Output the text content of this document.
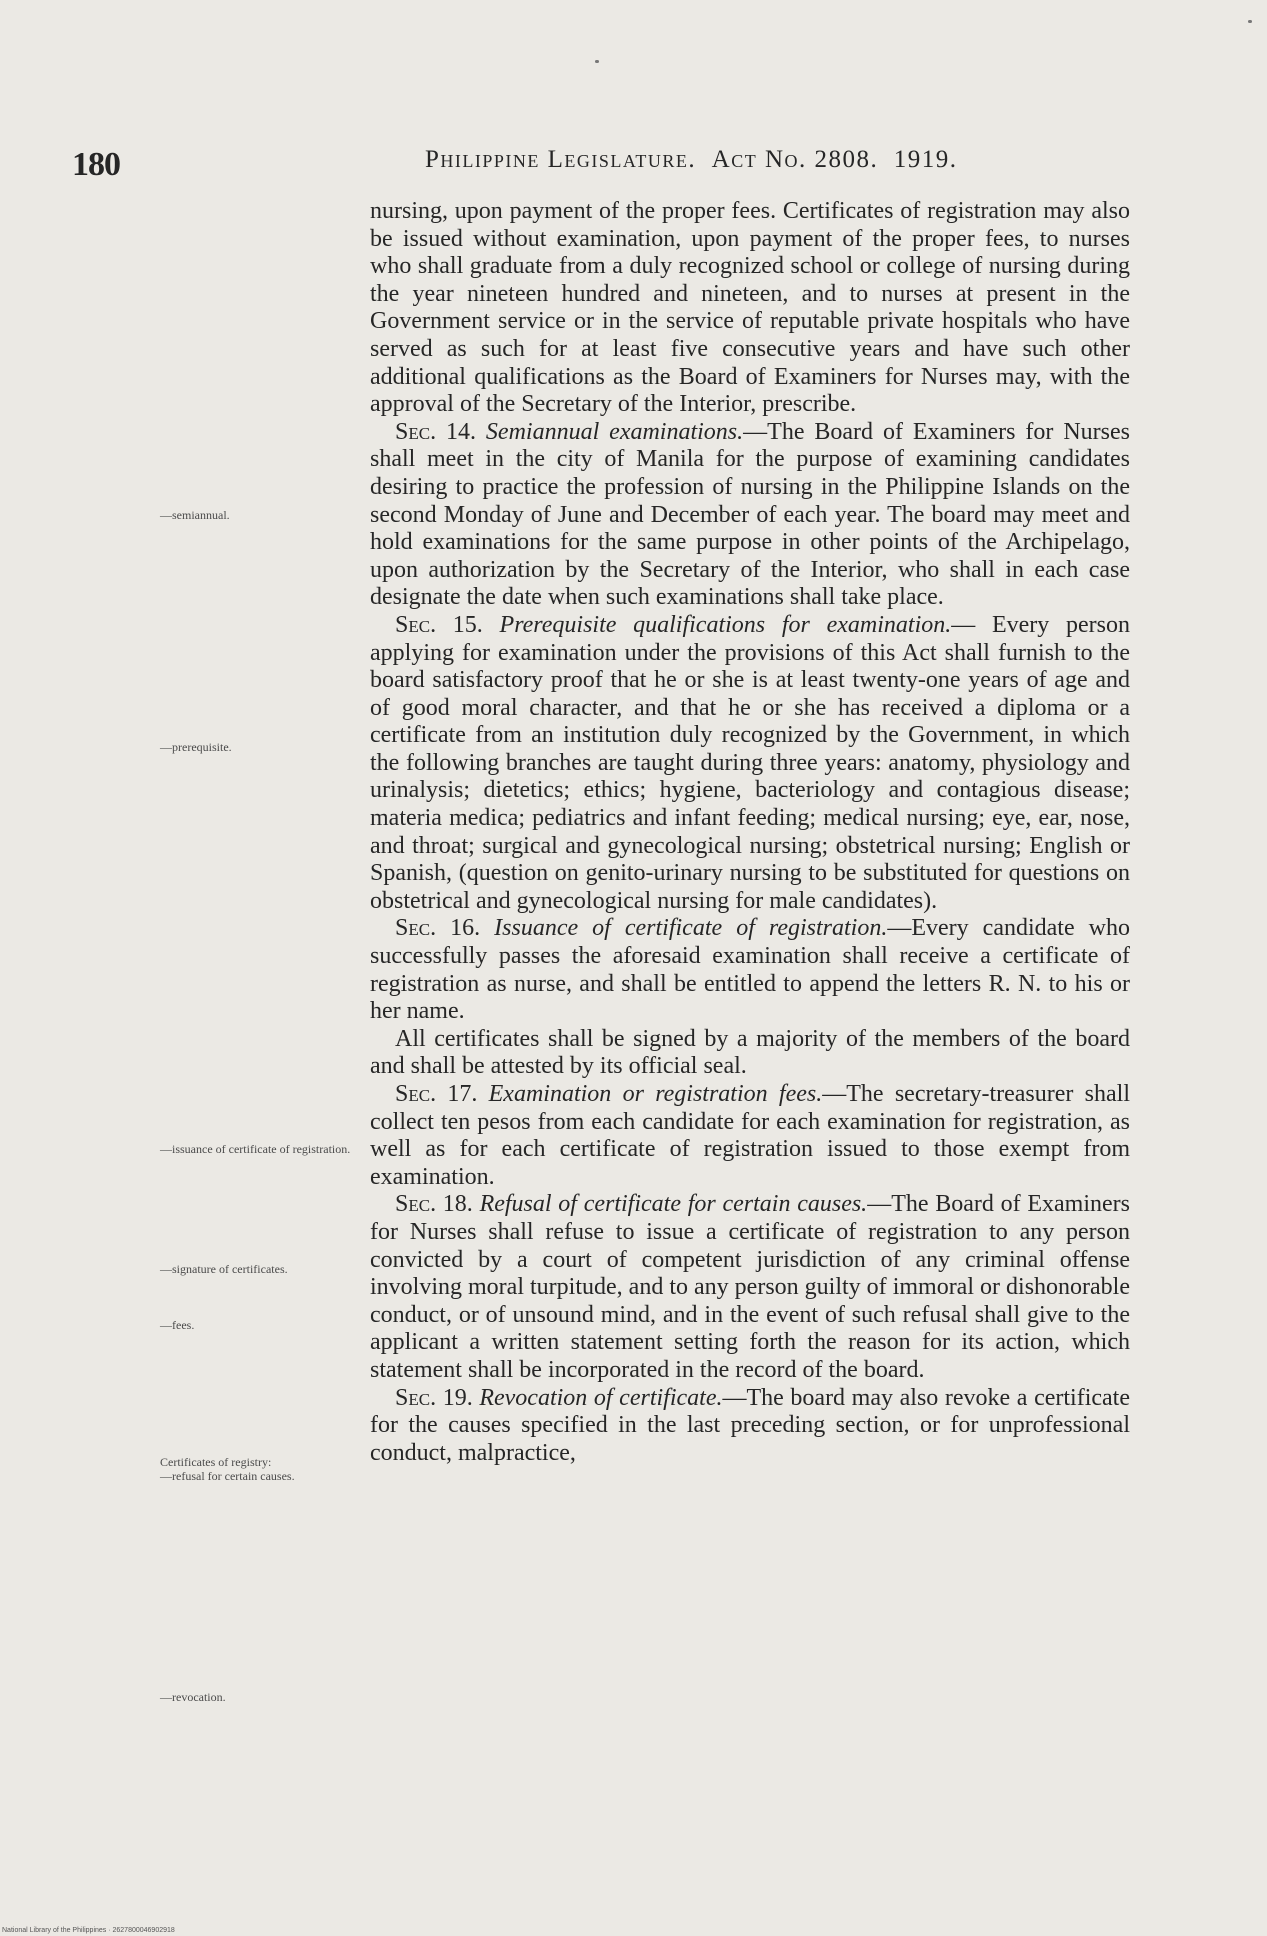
180	Philippine Legislature. Act No. 2808. 1919.
—semiannual.
—prerequisite.
—issuance of certificate of registration.
—signature of certificates.
—fees.
Certificates of registry:
—refusal for certain causes.
—revocation.

nursing, upon payment of the proper fees. Certificates of registration may also be issued without examination, upon payment of the proper fees, to nurses who shall graduate from a duly recognized school or college of nursing during the year nineteen hundred and nineteen, and to nurses at present in the Government service or in the service of reputable private hospitals who have served as such for at least five consecutive years and have such other additional qualifications as the Board of Examiners for Nurses may, with the approval of the Secretary of the Interior, prescribe.

Sec. 14. Semiannual examinations.—The Board of Examiners for Nurses shall meet in the city of Manila for the purpose of examining candidates desiring to practice the profession of nursing in the Philippine Islands on the second Monday of June and December of each year. The board may meet and hold examinations for the same purpose in other points of the Archipelago, upon authorization by the Secretary of the Interior, who shall in each case designate the date when such examinations shall take place.

Sec. 15. Prerequisite qualifications for examination.— Every person applying for examination under the provisions of this Act shall furnish to the board satisfactory proof that he or she is at least twenty-one years of age and of good moral character, and that he or she has received a diploma or a certificate from an institution duly recognized by the Government, in which the following branches are taught during three years: anatomy, physiology and urinalysis; dietetics; ethics; hygiene, bacteriology and contagious disease; materia medica; pediatrics and infant feeding; medical nursing; eye, ear, nose, and throat; surgical and gynecological nursing; obstetrical nursing; English or Spanish, (question on genito-urinary nursing to be substituted for questions on obstetrical and gynecological nursing for male candidates).

Sec. 16. Issuance of certificate of registration.—Every candidate who successfully passes the aforesaid examination shall receive a certificate of registration as nurse, and shall be entitled to append the letters R. N. to his or her name.

All certificates shall be signed by a majority of the members of the board and shall be attested by its official seal.

Sec. 17. Examination or registration fees.—The secretary-treasurer shall collect ten pesos from each candidate for each examination for registration, as well as for each certificate of registration issued to those exempt from examination.

Sec. 18. Refusal of certificate for certain causes.—The Board of Examiners for Nurses shall refuse to issue a certificate of registration to any person convicted by a court of competent jurisdiction of any criminal offense involving moral turpitude, and to any person guilty of immoral or dishonorable conduct, or of unsound mind, and in the event of such refusal shall give to the applicant a written statement setting forth the reason for its action, which statement shall be incorporated in the record of the board.

Sec. 19. Revocation of certificate.—The board may also revoke a certificate for the causes specified in the last preceding section, or for unprofessional conduct, malpractice,

National Library of the Philippines · 2627800046902918
